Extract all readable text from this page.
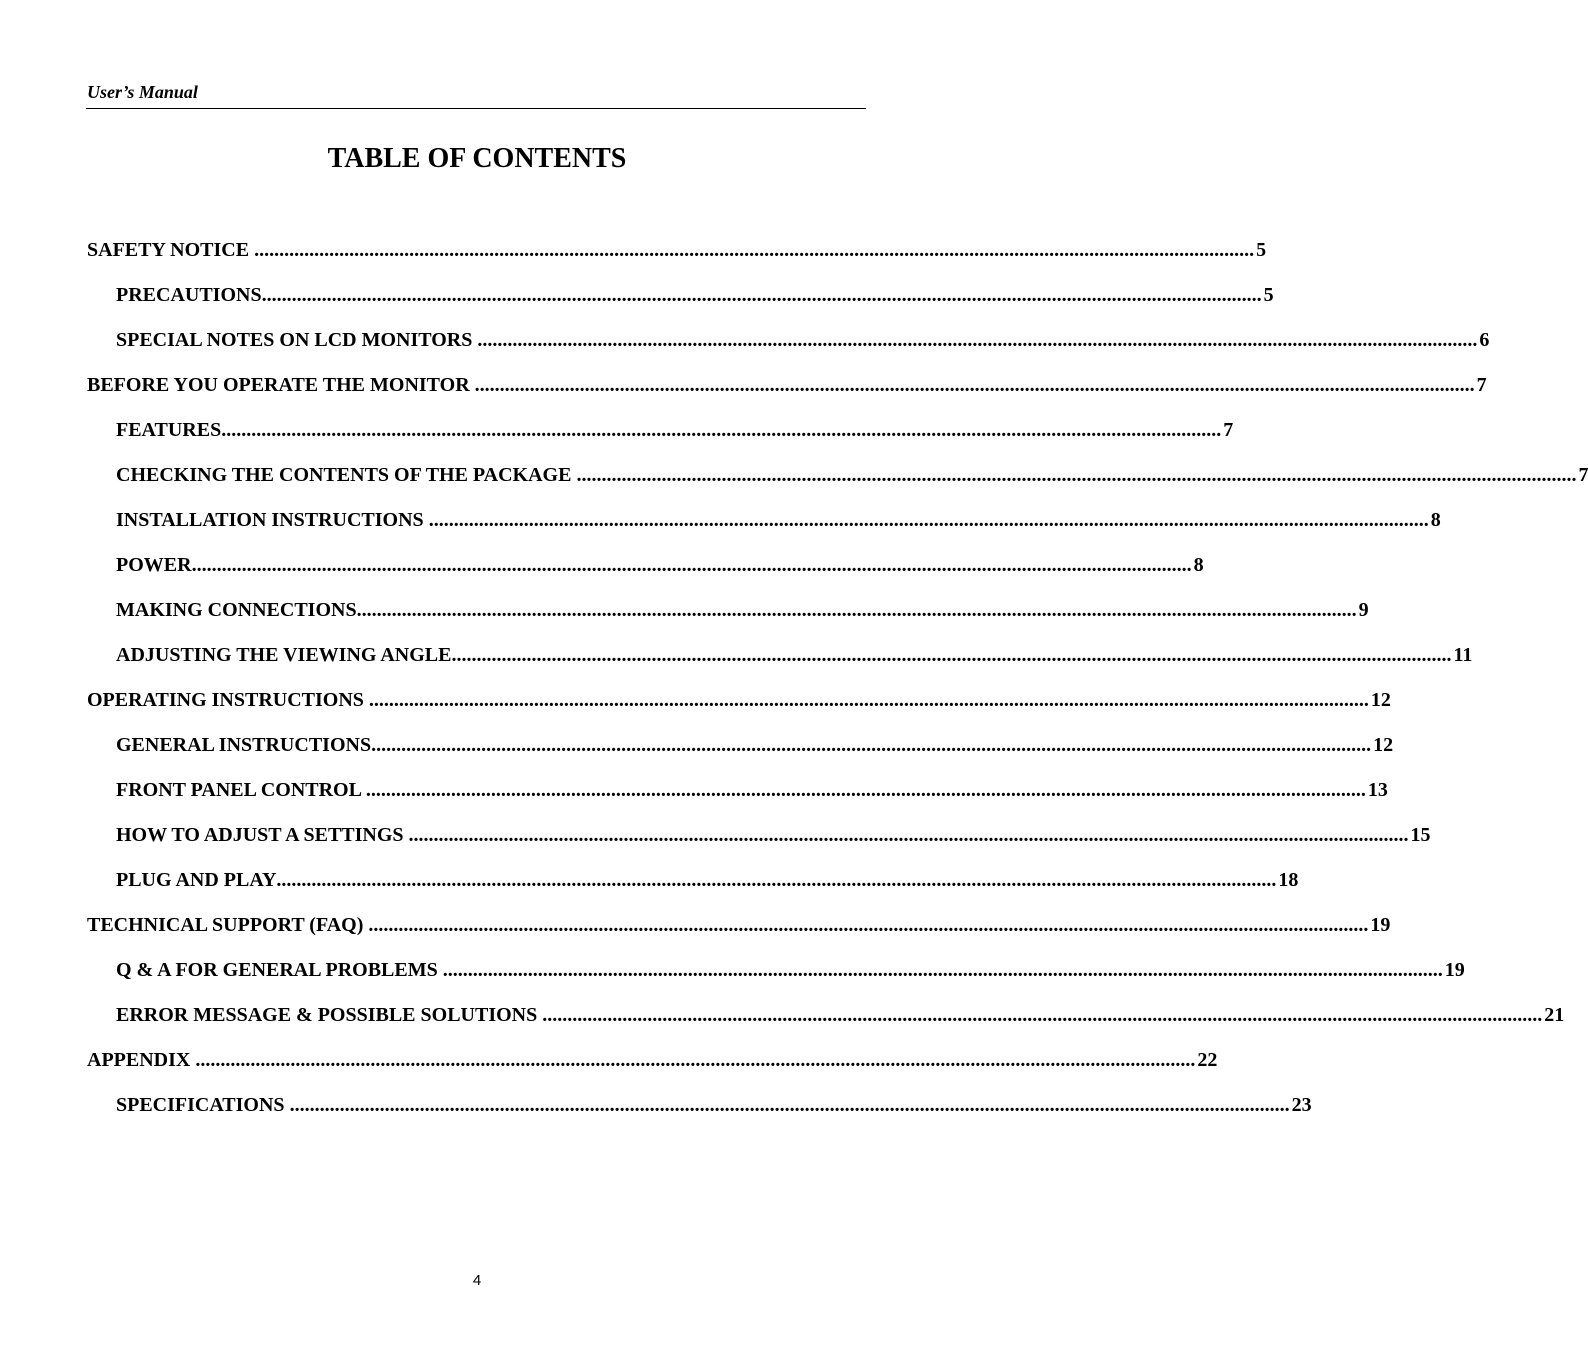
User’s Manual
TABLE OF CONTENTS
SAFETY NOTICE ........................................................................................................................................................................................................ 5
PRECAUTIONS ........................................................................................................................................................................................................ 5
SPECIAL NOTES ON LCD MONITORS ........................................................................................................................................................................................................ 6
BEFORE YOU OPERATE THE MONITOR ........................................................................................................................................................................................................ 7
FEATURES ........................................................................................................................................................................................................ 7
CHECKING THE CONTENTS OF THE PACKAGE ........................................................................................................................................................................................................ 7
INSTALLATION INSTRUCTIONS ........................................................................................................................................................................................................ 8
POWER ........................................................................................................................................................................................................ 8
MAKING CONNECTIONS ........................................................................................................................................................................................................ 9
ADJUSTING THE VIEWING ANGLE ........................................................................................................................................................................................................ 11
OPERATING INSTRUCTIONS ........................................................................................................................................................................................................ 12
GENERAL INSTRUCTIONS ........................................................................................................................................................................................................ 12
FRONT PANEL CONTROL ........................................................................................................................................................................................................ 13
HOW TO ADJUST A SETTINGS ........................................................................................................................................................................................................ 15
PLUG AND PLAY ........................................................................................................................................................................................................ 18
TECHNICAL SUPPORT (FAQ) ........................................................................................................................................................................................................ 19
Q & A FOR GENERAL PROBLEMS ........................................................................................................................................................................................................ 19
ERROR MESSAGE & POSSIBLE SOLUTIONS ........................................................................................................................................................................................................ 21
APPENDIX ........................................................................................................................................................................................................ 22
SPECIFICATIONS ........................................................................................................................................................................................................ 23
4
